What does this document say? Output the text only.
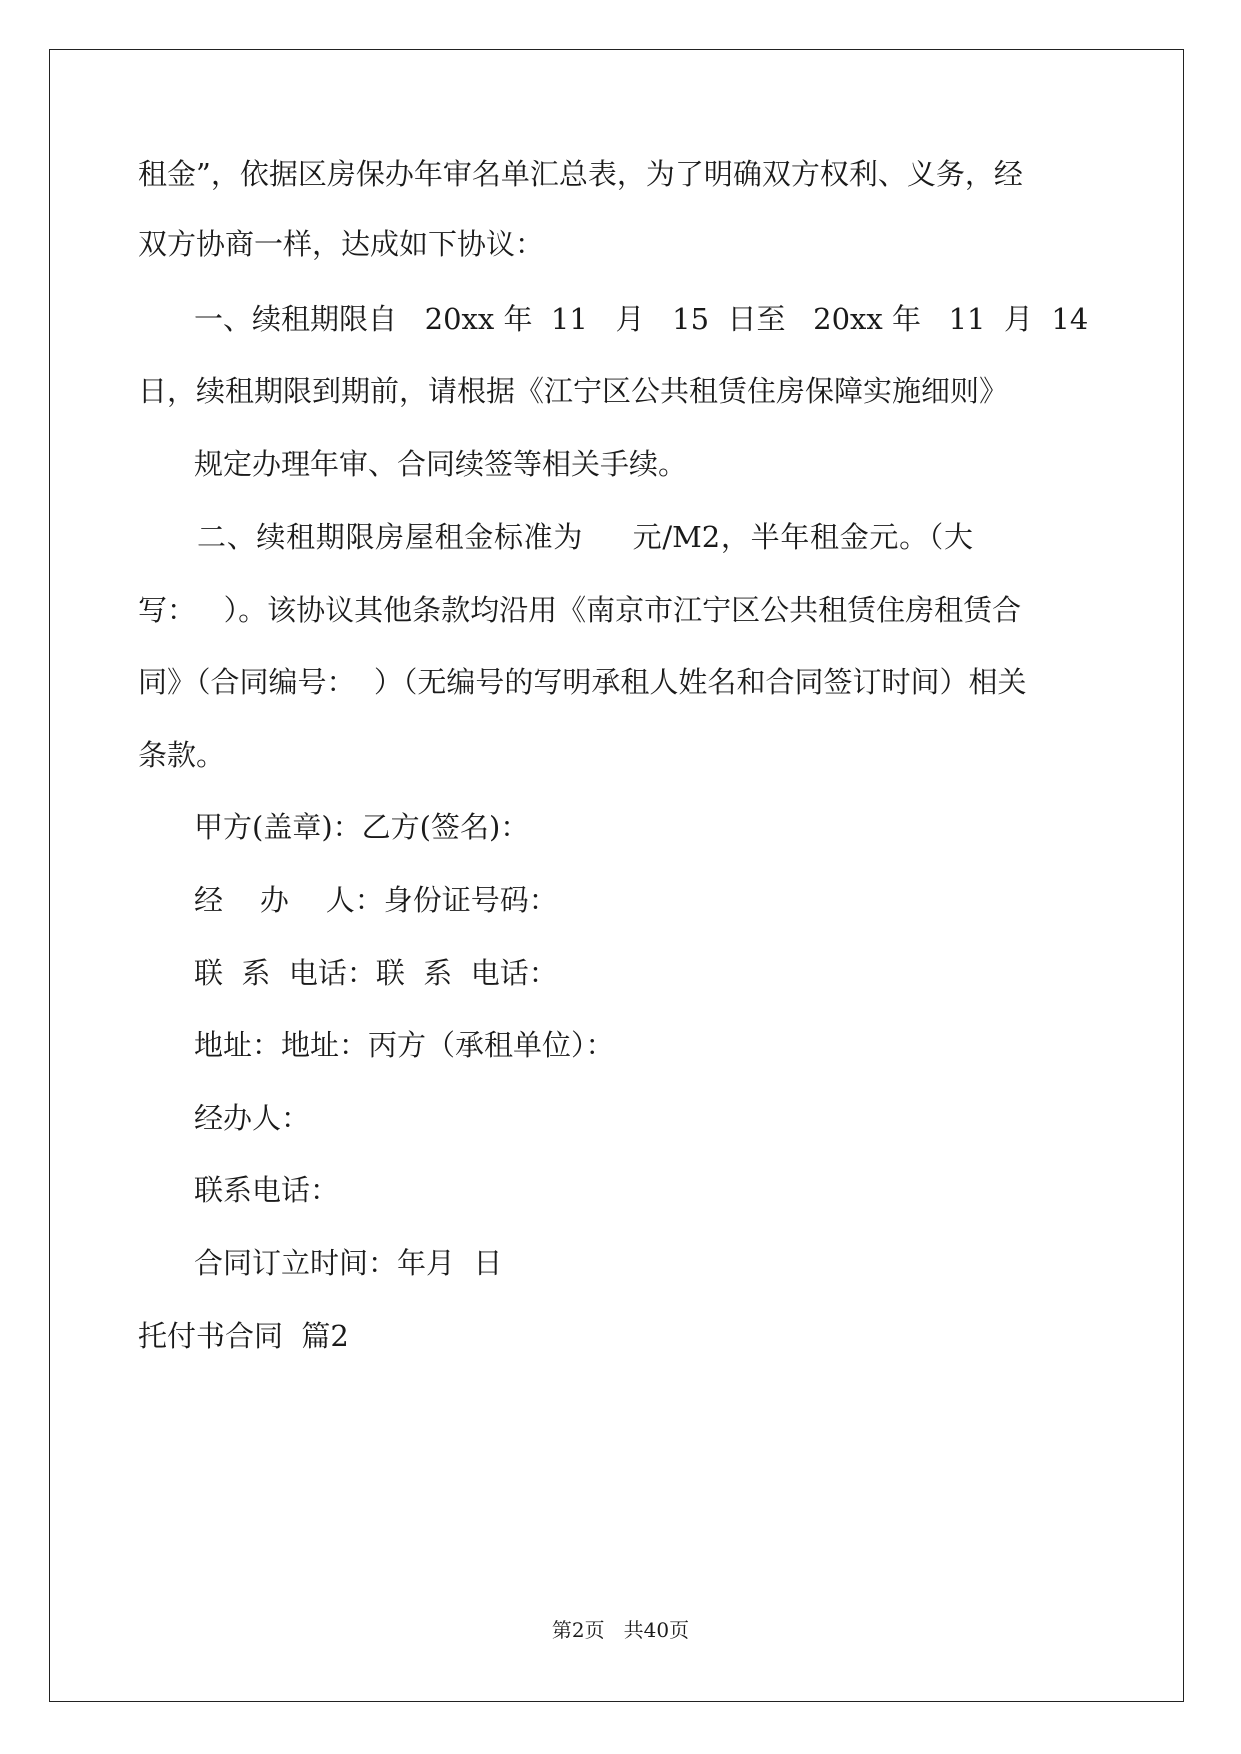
租金”，依据区房保办年审名单汇总表，为了明确双方权利、义务，经
双方协商一样，达成如下协议：
一、续租期限自   20xx 年  11   月   15  日至   20xx 年   11  月  14
日，续租期限到期前，请根据《江宁区公共租赁住房保障实施细则》
规定办理年审、合同续签等相关手续。
二、续租期限房屋租金标准为     元/M2，半年租金元。（大
写：   ）。该协议其他条款均沿用《南京市江宁区公共租赁住房租赁合
同》（合同编号：  ）（无编号的写明承租人姓名和合同签订时间）相关
条款。
甲方(盖章)：乙方(签名)：
经    办    人：身份证号码：
联  系  电话：联  系  电话：
地址：地址：丙方（承租单位）：
经办人：
联系电话：
合同订立时间：年月  日
托付书合同  篇2
第2页   共40页
